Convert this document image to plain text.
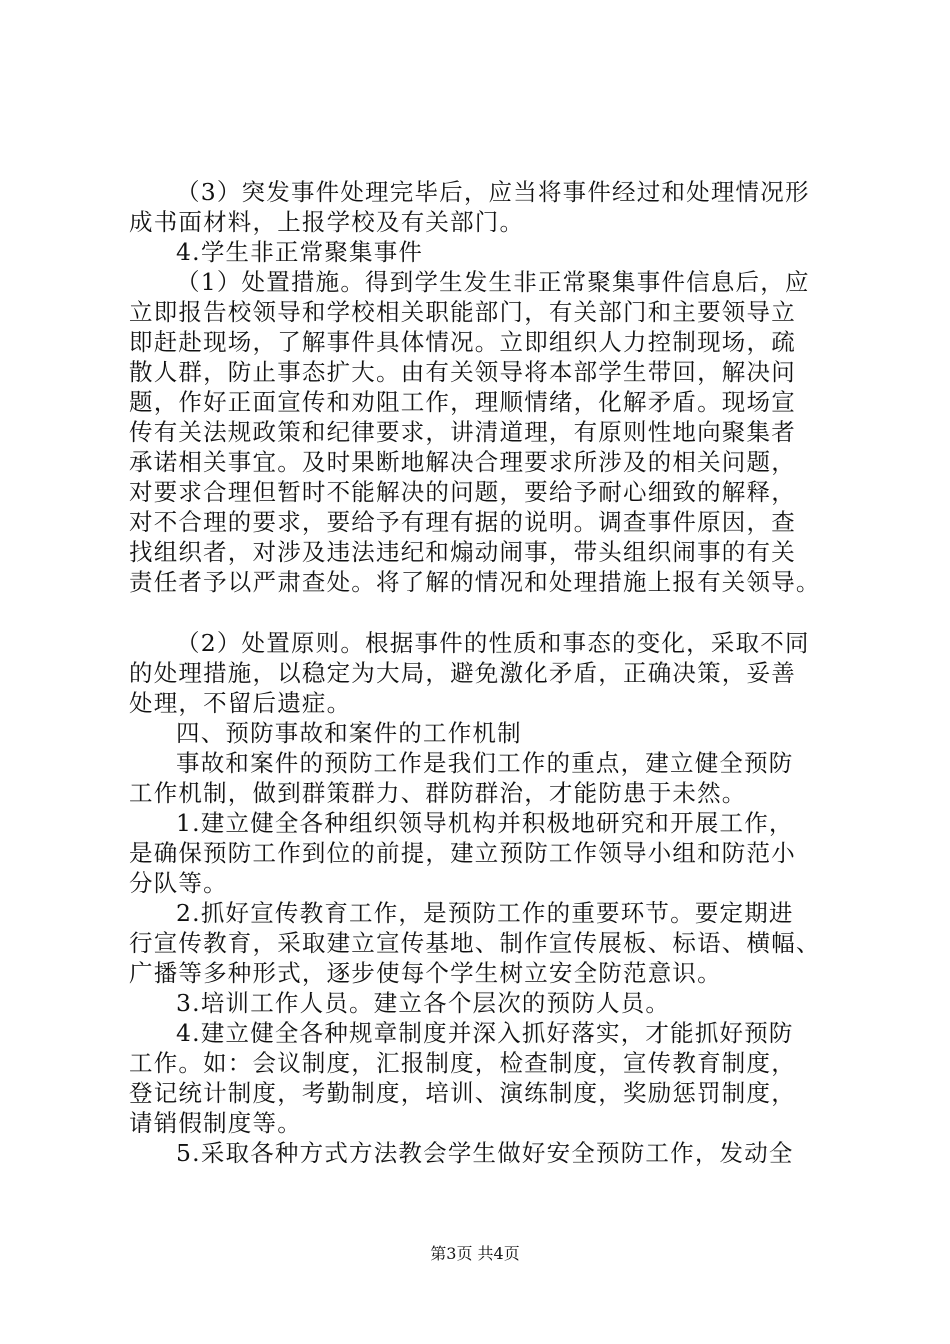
（3）突发事件处理完毕后，应当将事件经过和处理情况形
成书面材料，上报学校及有关部门。
4.学生非正常聚集事件
（1）处置措施。得到学生发生非正常聚集事件信息后，应
立即报告校领导和学校相关职能部门，有关部门和主要领导立
即赶赴现场，了解事件具体情况。立即组织人力控制现场，疏
散人群，防止事态扩大。由有关领导将本部学生带回，解决问
题，作好正面宣传和劝阻工作，理顺情绪，化解矛盾。现场宣
传有关法规政策和纪律要求，讲清道理，有原则性地向聚集者
承诺相关事宜。及时果断地解决合理要求所涉及的相关问题，
对要求合理但暂时不能解决的问题，要给予耐心细致的解释，
对不合理的要求，要给予有理有据的说明。调查事件原因，查
找组织者，对涉及违法违纪和煽动闹事，带头组织闹事的有关
责任者予以严肃查处。将了解的情况和处理措施上报有关领导。
（2）处置原则。根据事件的性质和事态的变化，采取不同
的处理措施，以稳定为大局，避免激化矛盾，正确决策，妥善
处理，不留后遗症。
四、预防事故和案件的工作机制
事故和案件的预防工作是我们工作的重点，建立健全预防
工作机制，做到群策群力、群防群治，才能防患于未然。
1.建立健全各种组织领导机构并积极地研究和开展工作，
是确保预防工作到位的前提，建立预防工作领导小组和防范小
分队等。
2.抓好宣传教育工作，是预防工作的重要环节。要定期进
行宣传教育，采取建立宣传基地、制作宣传展板、标语、横幅、
广播等多种形式，逐步使每个学生树立安全防范意识。
3.培训工作人员。建立各个层次的预防人员。
4.建立健全各种规章制度并深入抓好落实，才能抓好预防
工作。如：会议制度，汇报制度，检查制度，宣传教育制度，
登记统计制度，考勤制度，培训、演练制度，奖励惩罚制度，
请销假制度等。
5.采取各种方式方法教会学生做好安全预防工作，发动全
第3页 共4页
